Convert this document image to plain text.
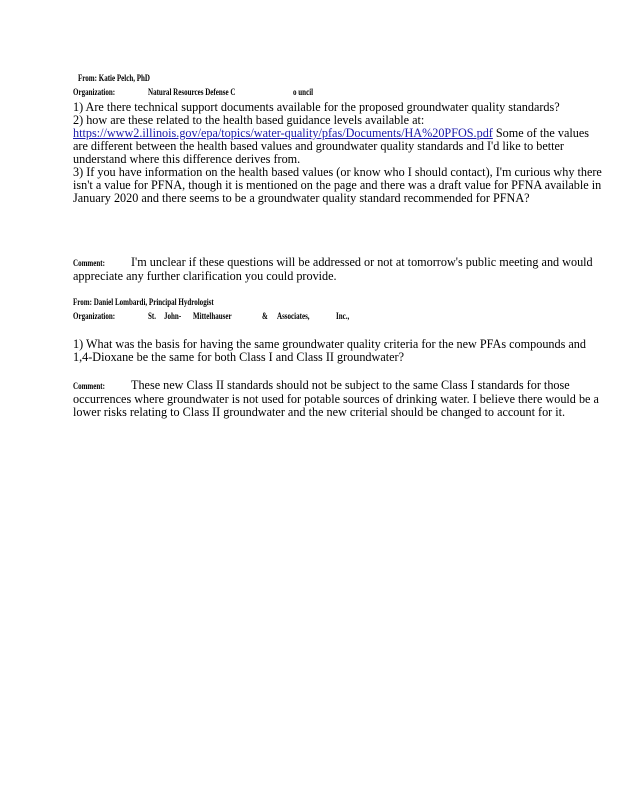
From: Katie Pelch, PhD
Organization:	Natural Resources Defense C	o uncil

1) Are there technical support documents available for the proposed groundwater quality standards?

2) how are these related to the health based guidance levels available at: https://www2.illinois.gov/epa/topics/water-quality/pfas/Documents/HA%20PFOS.pdf Some of the values are different between the health based values and groundwater quality standards and I'd like to better understand where this difference derives from.

3) If you have information on the health based values (or know who I should contact), I'm curious why there isn't a value for PFNA, though it is mentioned on the page and there was a draft value for PFNA available in January 2020 and there seems to be a groundwater quality standard recommended for PFNA?

Comment: I'm unclear if these questions will be addressed or not at tomorrow's public meeting and would appreciate any further clarification you could provide.

From: Daniel Lombardi, Principal Hydrologist
Organization:	St. John- Mittelhauser	& Associates,	Inc.,

1) What was the basis for having the same groundwater quality criteria for the new PFAs compounds and 1,4-Dioxane be the same for both Class I and Class II groundwater?

Comment: These new Class II standards should not be subject to the same Class I standards for those occurrences where groundwater is not used for potable sources of drinking water. I believe there would be a lower risks relating to Class II groundwater and the new criterial should be changed to account for it.
